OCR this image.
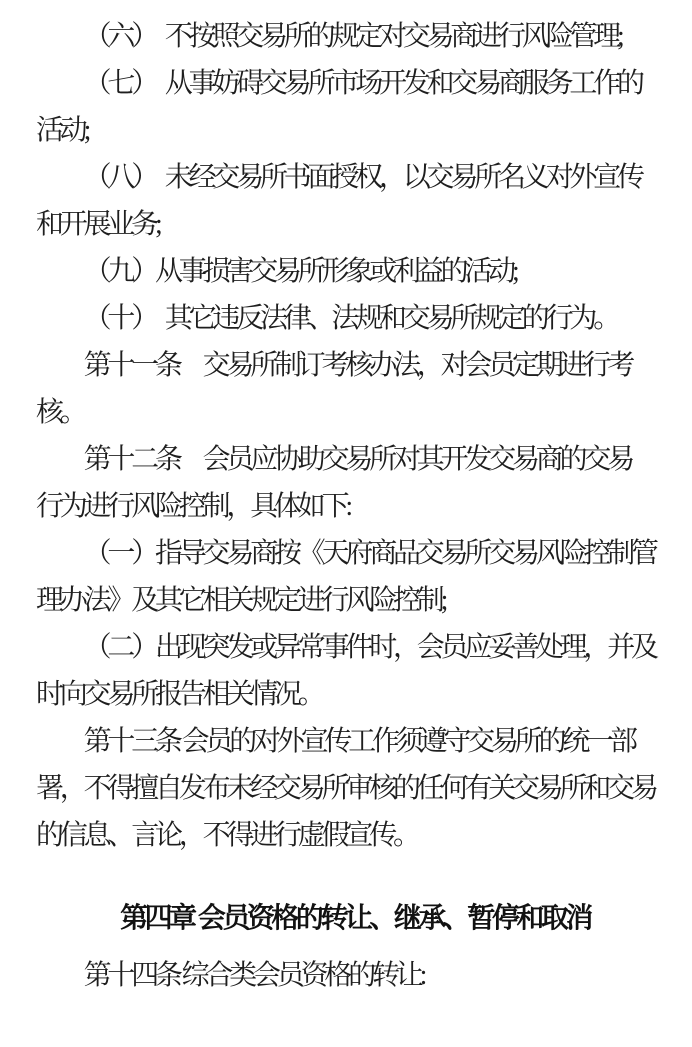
（六）　不按照交易所的规定对交易商进行风险管理;
（七）　从事妨碍交易所市场开发和交易商服务工作的
活动;
（八）　未经交易所书面授权，以交易所名义对外宣传
和开展业务;
（九）从事损害交易所形象或利益的活动;
（十）　其它违反法律、法规和交易所规定的行为。
第十一条　交易所制订考核办法，对会员定期进行考
核。
第十二条　会员应协助交易所对其开发交易商的交易
行为进行风险控制，具体如下:
（一）指导交易商按《天府商品交易所交易风险控制管
理办法》及其它相关规定进行风险控制;
（二）出现突发或异常事件时，会员应妥善处理，并及
时向交易所报告相关情况。
第十三条 会员的对外宣传工作须遵守交易所的统一部
署，不得擅自发布未经交易所审核的任何有关交易所和交易
的信息、言论，不得进行虚假宣传。
第四章 会员资格的转让、继承、暂停和取消
第十四条 综合类会员资格的转让:
